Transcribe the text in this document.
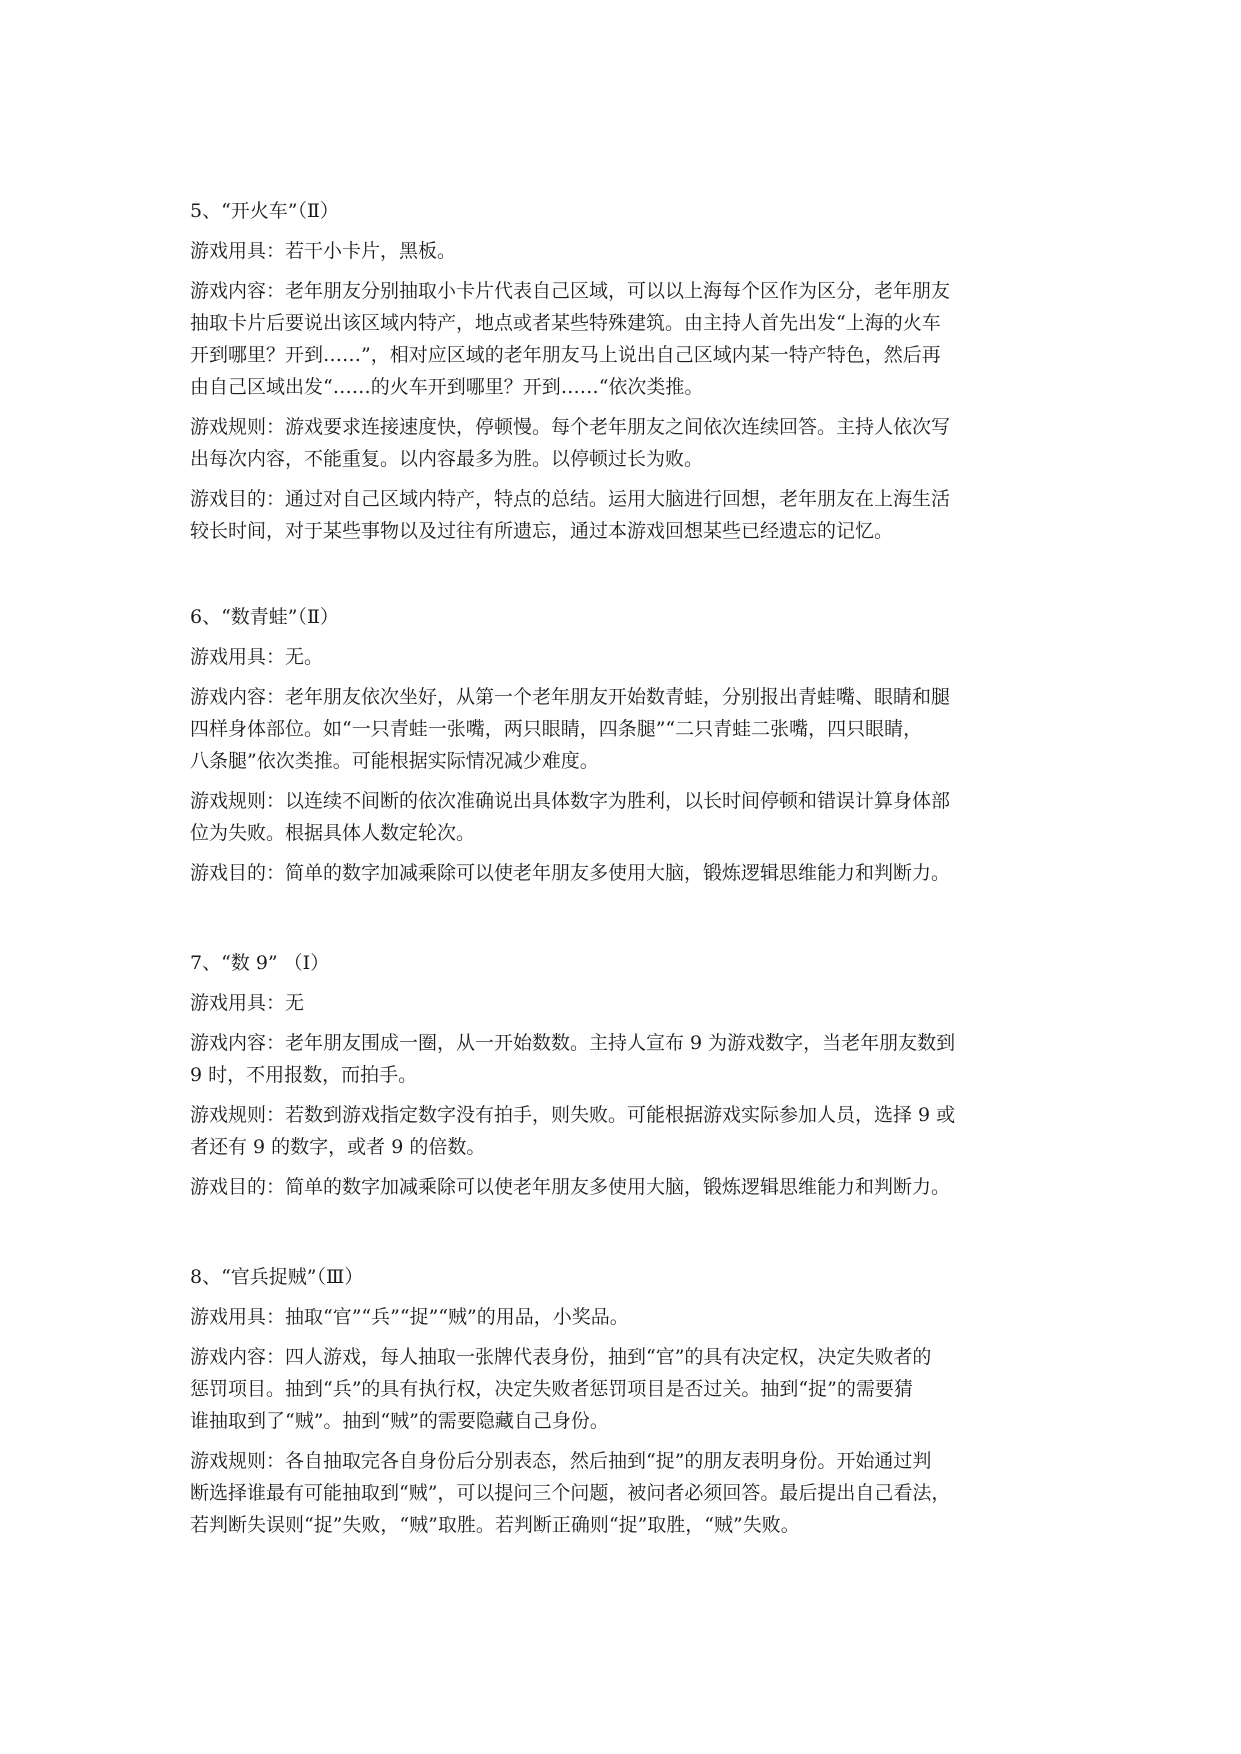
5、“开火车”（Ⅱ）
游戏用具：若干小卡片，黑板。
游戏内容：老年朋友分别抽取小卡片代表自己区域，可以以上海每个区作为区分，老年朋友
抽取卡片后要说出该区域内特产，地点或者某些特殊建筑。由主持人首先出发“上海的火车
开到哪里？开到……”，相对应区域的老年朋友马上说出自己区域内某一特产特色，然后再
由自己区域出发“……的火车开到哪里？开到……“依次类推。
游戏规则：游戏要求连接速度快，停顿慢。每个老年朋友之间依次连续回答。主持人依次写
出每次内容，不能重复。以内容最多为胜。以停顿过长为败。
游戏目的：通过对自己区域内特产，特点的总结。运用大脑进行回想，老年朋友在上海生活
较长时间，对于某些事物以及过往有所遗忘，通过本游戏回想某些已经遗忘的记忆。
6、“数青蛙”（Ⅱ）
游戏用具：无。
游戏内容：老年朋友依次坐好，从第一个老年朋友开始数青蛙，分别报出青蛙嘴、眼睛和腿
四样身体部位。如“一只青蛙一张嘴，两只眼睛，四条腿”“二只青蛙二张嘴，四只眼睛，
八条腿”依次类推。可能根据实际情况减少难度。
游戏规则：以连续不间断的依次准确说出具体数字为胜利，以长时间停顿和错误计算身体部
位为失败。根据具体人数定轮次。
游戏目的：简单的数字加减乘除可以使老年朋友多使用大脑，锻炼逻辑思维能力和判断力。
7、“数 9” （Ⅰ）
游戏用具：无
游戏内容：老年朋友围成一圈，从一开始数数。主持人宣布 9 为游戏数字，当老年朋友数到
9 时，不用报数，而拍手。
游戏规则：若数到游戏指定数字没有拍手，则失败。可能根据游戏实际参加人员，选择 9 或
者还有 9 的数字，或者 9 的倍数。
游戏目的：简单的数字加减乘除可以使老年朋友多使用大脑，锻炼逻辑思维能力和判断力。
8、“官兵捉贼”（Ⅲ）
游戏用具：抽取“官”“兵”“捉”“贼”的用品，小奖品。
游戏内容：四人游戏，每人抽取一张牌代表身份，抽到“官”的具有决定权，决定失败者的
惩罚项目。抽到“兵”的具有执行权，决定失败者惩罚项目是否过关。抽到“捉”的需要猜
谁抽取到了“贼”。抽到“贼”的需要隐藏自己身份。
游戏规则：各自抽取完各自身份后分别表态，然后抽到“捉”的朋友表明身份。开始通过判
断选择谁最有可能抽取到“贼”，可以提问三个问题，被问者必须回答。最后提出自己看法，
若判断失误则“捉”失败，“贼”取胜。若判断正确则“捉”取胜，“贼”失败。
